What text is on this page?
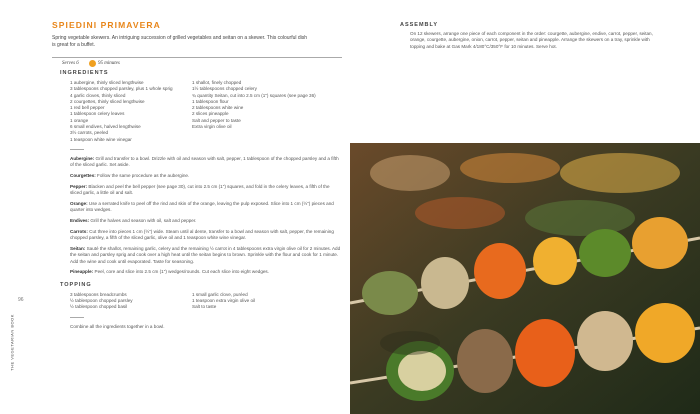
THE VEGETARIAN BOOK
96
SPIEDINI PRIMAVERA

Spring vegetable skewers. An intriguing succession of grilled vegetables and seitan on a skewer. This colourful dish is great for a buffet.

Serves 6	95 minutes
INGREDIENTS
1 aubergine, thinly sliced lengthwise
3 tablespoons chopped parsley, plus 1 whole sprig
4 garlic cloves, thinly sliced
2 courgettes, thinly sliced lengthwise
1 red bell pepper
1 tablespoon celery leaves
1 orange
6 small endives, halved lengthwise
3½ carrots, peeled
1 teaspoon white wine vinegar
1 shallot, finely chopped
1½ tablespoons chopped celery
¾ quantity Seitan, cut into 2.5 cm (1") squares (see page 36)
1 tablespoon flour
2 tablespoons white wine
2 slices pineapple
Salt and pepper to taste
Extra virgin olive oil

Aubergine: Grill and transfer to a bowl. Drizzle with oil and season with salt, pepper, 1 tablespoon of the chopped parsley and a fifth of the sliced garlic. Set aside.

Courgettes: Follow the same procedure as the aubergine.

Pepper: Blacken and peel the bell pepper (see page 30), cut into 2.5 cm (1") squares, and fold in the celery leaves, a fifth of the sliced garlic, a little oil and salt.

Orange: Use a serrated knife to peel off the rind and skin of the orange, leaving the pulp exposed. Slice into 1 cm (½") pieces and quarter into wedges.

Endives: Grill the halves and season with oil, salt and pepper.

Carrots: Cut three into pieces 1 cm (½") wide. Steam until al dente, transfer to a bowl and season with salt, pepper, the remaining chopped parsley, a fifth of the sliced garlic, olive oil and 1 teaspoon white wine vinegar.

Seitan: Sauté the shallot, remaining garlic, celery and the remaining ½ carrot in 4 tablespoons extra virgin olive oil for 2 minutes. Add the seitan and parsley sprig and cook over a high heat until the seitan begins to brown. Sprinkle with the flour and cook for 1 minute. Add the wine and cook until evaporated. Taste for seasoning.

Pineapple: Peel, core and slice into 2.5 cm (1") wedges/rounds. Cut each slice into eight wedges.

TOPPING
3 tablespoons breadcrumbs
½ tablespoon chopped parsley
½ tablespoon chopped basil
1 small garlic clove, puréed
1 teaspoon extra virgin olive oil
Salt to taste
Combine all the ingredients together in a bowl.
ASSEMBLY

On 12 skewers, arrange one piece of each component in the order: courgette, aubergine, endive, carrot, pepper, seitan, orange, courgette, aubergine, onion, carrot, pepper, seitan and pineapple. Arrange the skewers on a tray, sprinkle with topping and bake at Gas Mark 4/180°C/350°F for 10 minutes. Serve hot.
